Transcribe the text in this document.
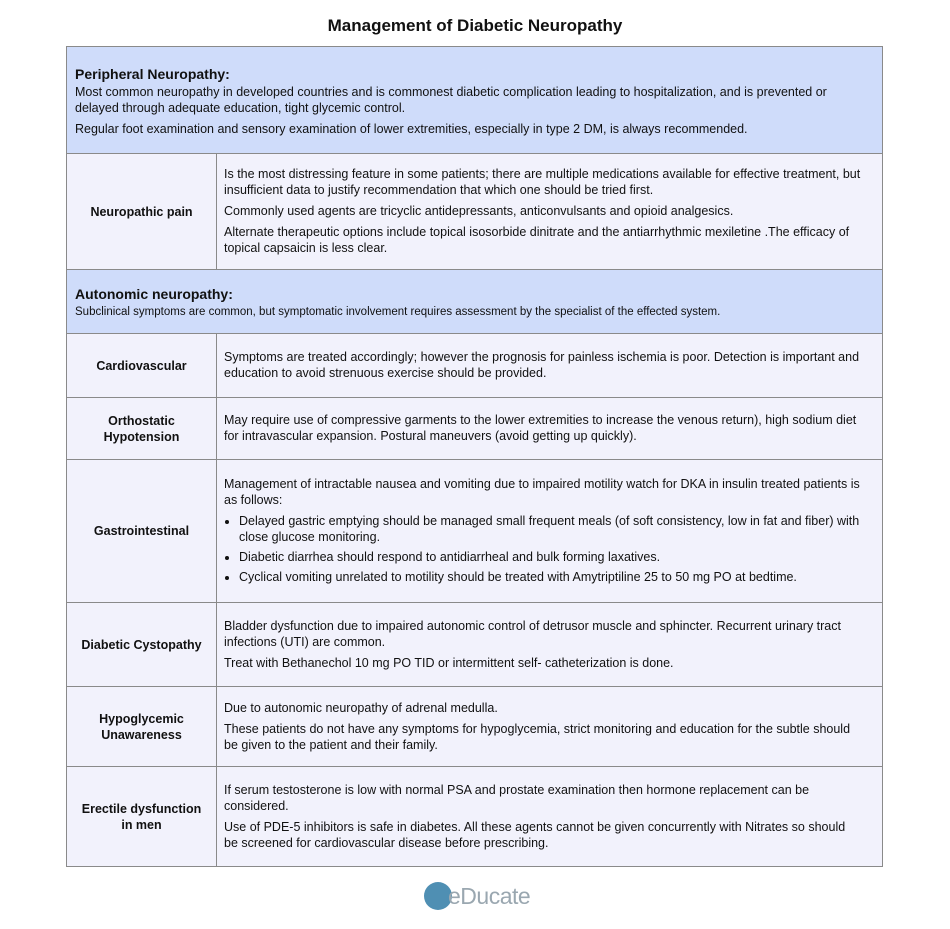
Management of Diabetic Neuropathy
Peripheral Neuropathy:

Most common neuropathy in developed countries and is commonest diabetic complication leading to hospitalization, and is prevented or delayed through adequate education, tight glycemic control.

Regular foot examination and sensory examination of lower extremities, especially in type 2 DM, is always recommended.

Neuropathic pain

Is the most distressing feature in some patients; there are multiple medications available for effective treatment, but insufficient data to justify recommendation that which one should be tried first.

Commonly used agents are tricyclic antidepressants, anticonvulsants and opioid analgesics.

Alternate therapeutic options include topical isosorbide dinitrate and the antiarrhythmic mexiletine .The efficacy of topical capsaicin is less clear.

Autonomic neuropathy:

Subclinical symptoms are common, but symptomatic involvement requires assessment by the specialist of the effected system.

Cardiovascular

Symptoms are treated accordingly; however the prognosis for painless ischemia is poor. Detection is important and education to avoid strenuous exercise should be provided.

Orthostatic Hypotension

May require use of compressive garments to the lower extremities to increase the venous return), high sodium diet for intravascular expansion. Postural maneuvers (avoid getting up quickly).

Gastrointestinal

Management of intractable nausea and vomiting due to impaired motility watch for DKA in insulin treated patients is as follows:

• Delayed gastric emptying should be managed small frequent meals (of soft consistency, low in fat and fiber) with close glucose monitoring.
• Diabetic diarrhea should respond to antidiarrheal and bulk forming laxatives.
• Cyclical vomiting unrelated to motility should be treated with Amytriptiline 25 to 50 mg PO at bedtime.
Diabetic Cystopathy

Bladder dysfunction due to impaired autonomic control of detrusor muscle and sphincter. Recurrent urinary tract infections (UTI) are common.

Treat with Bethanechol 10 mg PO TID or intermittent self- catheterization is done.

Hypoglycemic Unawareness

Due to autonomic neuropathy of adrenal medulla.

These patients do not have any symptoms for hypoglycemia, strict monitoring and education for the subtle should be given to the patient and their family.

Erectile dysfunction in men

If serum testosterone is low with normal PSA and prostate examination then hormone replacement can be considered.

Use of PDE-5 inhibitors is safe in diabetes. All these agents cannot be given concurrently with Nitrates so should be screened for cardiovascular disease before prescribing.

eDucate
